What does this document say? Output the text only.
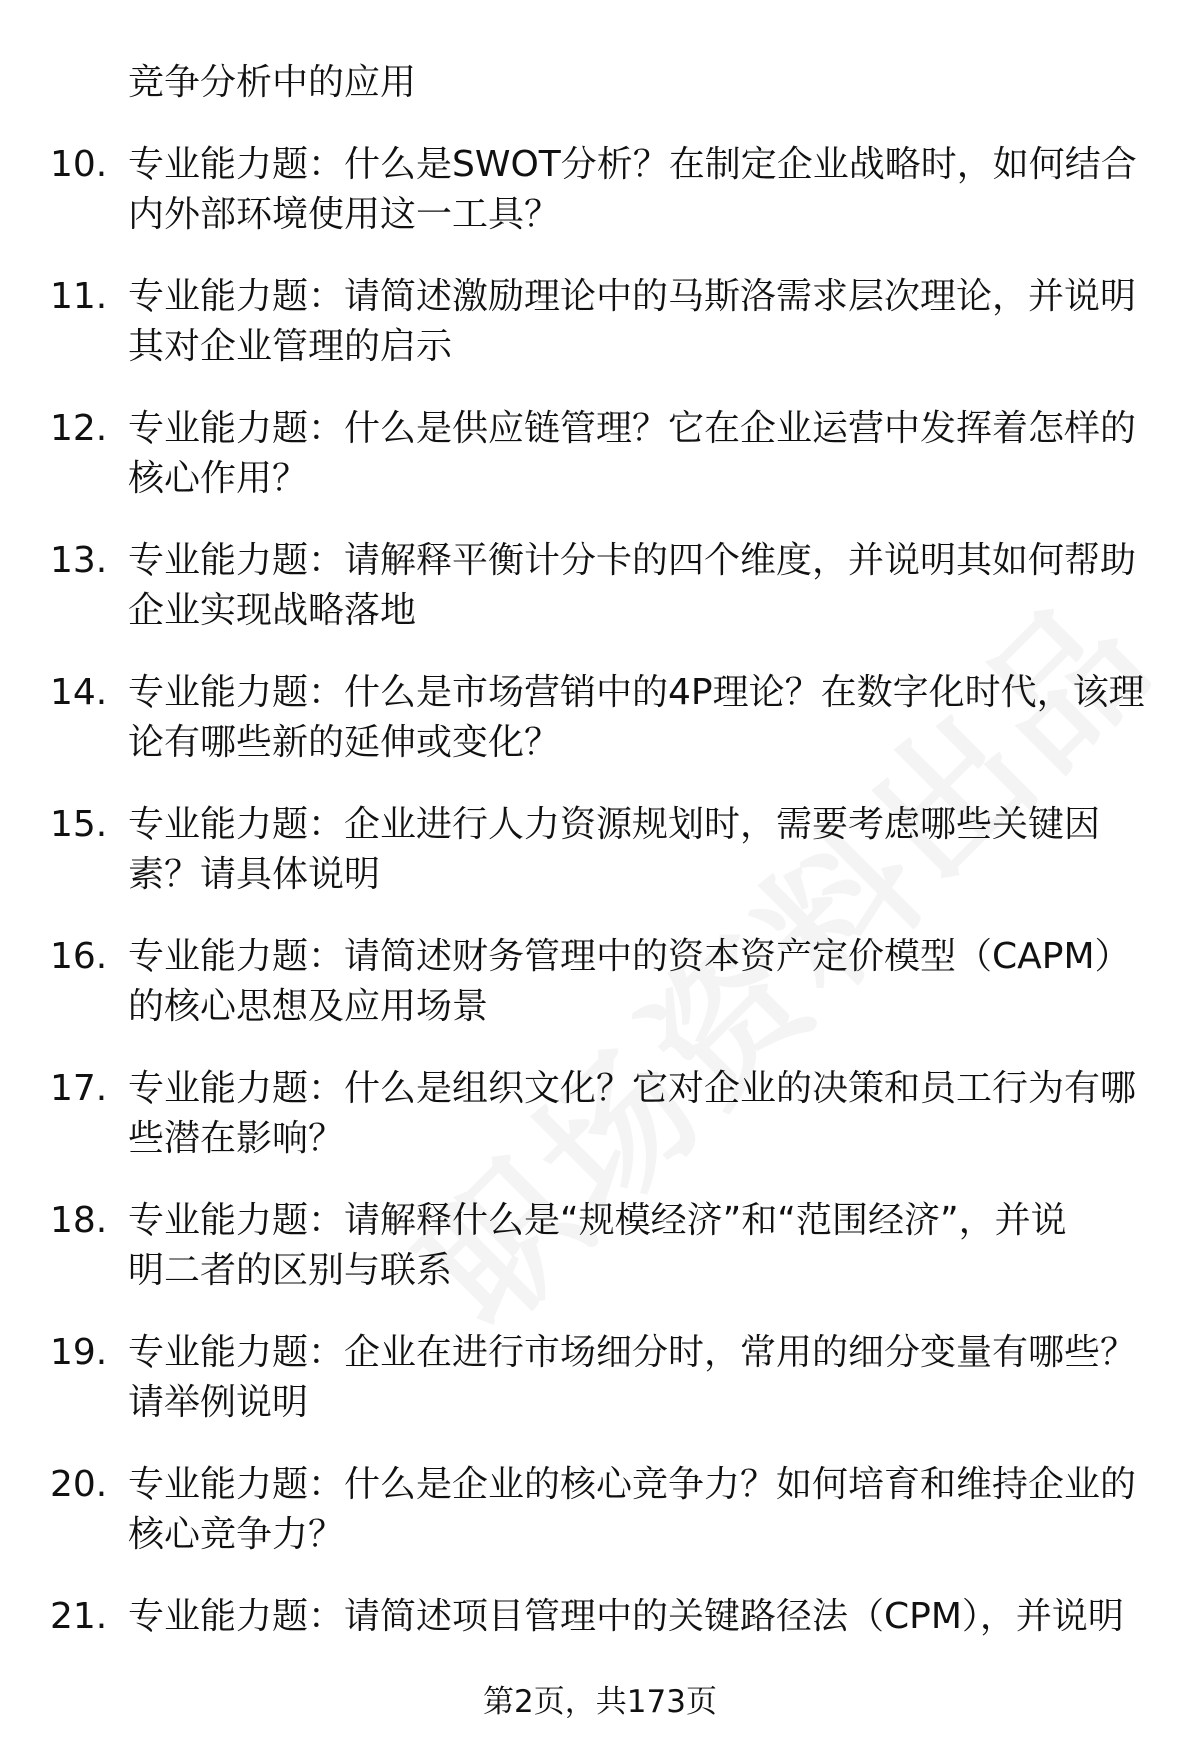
竞争分析中的应用
10. 专业能力题：什么是SWOT分析？在制定企业战略时，如何结合
内外部环境使用这一工具？
11. 专业能力题：请简述激励理论中的马斯洛需求层次理论，并说明
其对企业管理的启示
12. 专业能力题：什么是供应链管理？它在企业运营中发挥着怎样的
核心作用？
13. 专业能力题：请解释平衡计分卡的四个维度，并说明其如何帮助
企业实现战略落地
14. 专业能力题：什么是市场营销中的4P理论？在数字化时代，该理
论有哪些新的延伸或变化？
15. 专业能力题：企业进行人力资源规划时，需要考虑哪些关键因
素？请具体说明
16. 专业能力题：请简述财务管理中的资本资产定价模型（CAPM）
的核心思想及应用场景
17. 专业能力题：什么是组织文化？它对企业的决策和员工行为有哪
些潜在影响？
18. 专业能力题：请解释什么是“规模经济”和“范围经济”，并说
明二者的区别与联系
19. 专业能力题：企业在进行市场细分时，常用的细分变量有哪些？
请举例说明
20. 专业能力题：什么是企业的核心竞争力？如何培育和维持企业的
核心竞争力？
21. 专业能力题：请简述项目管理中的关键路径法（CPM），并说明
第2页，共173页
